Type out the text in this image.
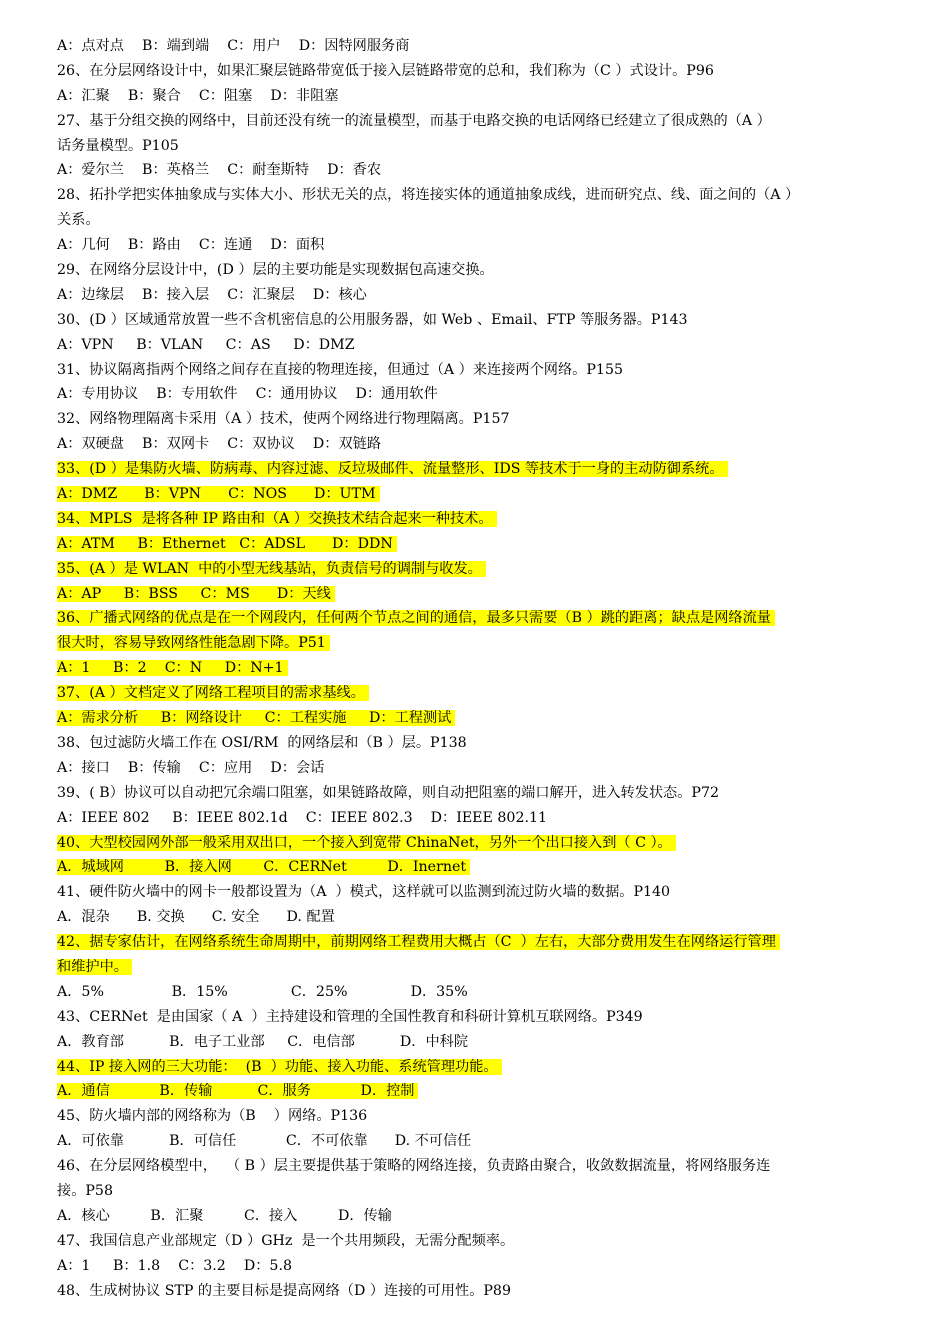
A：点对点    B：端到端    C：用户    D：因特网服务商
26、在分层网络设计中，如果汇聚层链路带宽低于接入层链路带宽的总和，我们称为（C ）式设计。P96
A：汇聚    B：聚合    C：阻塞    D：非阻塞
27、基于分组交换的网络中，目前还没有统一的流量模型，而基于电路交换的电话网络已经建立了很成熟的（A ）
话务量模型。P105
A：爱尔兰    B：英格兰    C：耐奎斯特    D：香农
28、拓扑学把实体抽象成与实体大小、形状无关的点，将连接实体的通道抽象成线，进而研究点、线、面之间的（A ）
关系。
A：几何    B：路由    C：连通    D：面积
29、在网络分层设计中，(D ）层的主要功能是实现数据包高速交换。
A：边缘层    B：接入层    C：汇聚层    D：核心
30、(D ）区域通常放置一些不含机密信息的公用服务器，如 Web 、Email、FTP 等服务器。P143
A：VPN     B：VLAN     C：AS     D：DMZ
31、协议隔离指两个网络之间存在直接的物理连接，但通过（A ）来连接两个网络。P155
A：专用协议    B：专用软件    C：通用协议    D：通用软件
32、网络物理隔离卡采用（A ）技术，使两个网络进行物理隔离。P157
A：双硬盘    B：双网卡    C：双协议    D：双链路
33、(D ）是集防火墙、防病毒、内容过滤、反垃圾邮件、流量整形、IDS 等技术于一身的主动防御系统。
A：DMZ      B：VPN      C：NOS      D：UTM
34、MPLS  是将各种 IP 路由和（A ）交换技术结合起来一种技术。
A：ATM     B：Ethernet   C：ADSL      D：DDN
35、(A ）是 WLAN  中的小型无线基站，负责信号的调制与收发。
A：AP     B：BSS     C：MS      D：天线
36、广播式网络的优点是在一个网段内，任何两个节点之间的通信，最多只需要（B ）跳的距离；缺点是网络流量
很大时，容易导致网络性能急剧下降。P51
A：1     B：2    C：N     D：N+1
37、(A ）文档定义了网络工程项目的需求基线。
A：需求分析     B：网络设计     C：工程实施     D：工程测试
38、包过滤防火墙工作在 OSI/RM  的网络层和（B ）层。P138
A：接口    B：传输    C：应用    D：会话
39、( B）协议可以自动把冗余端口阻塞，如果链路故障，则自动把阻塞的端口解开，进入转发状态。P72
A：IEEE 802     B：IEEE 802.1d    C：IEEE 802.3    D：IEEE 802.11
40、大型校园网外部一般采用双出口，一个接入到宽带 ChinaNet，另外一个出口接入到（ C ）。
A．城域网         B．接入网       C．CERNet         D．Inernet
41、硬件防火墙中的网卡一般都设置为（A  ）模式，这样就可以监测到流过防火墙的数据。P140
A．混杂      B. 交换      C. 安全      D. 配置
42、据专家估计，在网络系统生命周期中，前期网络工程费用大概占（C  ）左右，大部分费用发生在网络运行管理
和维护中。
A．5%               B．15%              C．25%              D．35%
43、CERNet  是由国家（ A  ）主持建设和管理的全国性教育和科研计算机互联网络。P349
A．教育部          B．电子工业部     C．电信部          D．中科院
44、IP 接入网的三大功能：  (B  ）功能、接入功能、系统管理功能。
A．通信           B．传输          C．服务           D．控制
45、防火墙内部的网络称为（B    ）网络。P136
A．可依靠          B．可信任           C．不可依靠      D. 不可信任
46、在分层网络模型中，  （ B ）层主要提供基于策略的网络连接，负责路由聚合，收敛数据流量，将网络服务连
接。P58
A．核心         B．汇聚         C．接入         D．传输
47、我国信息产业部规定（D ）GHz  是一个共用频段，无需分配频率。
A：1     B：1.8    C：3.2    D：5.8
48、生成树协议 STP 的主要目标是提高网络（D ）连接的可用性。P89
